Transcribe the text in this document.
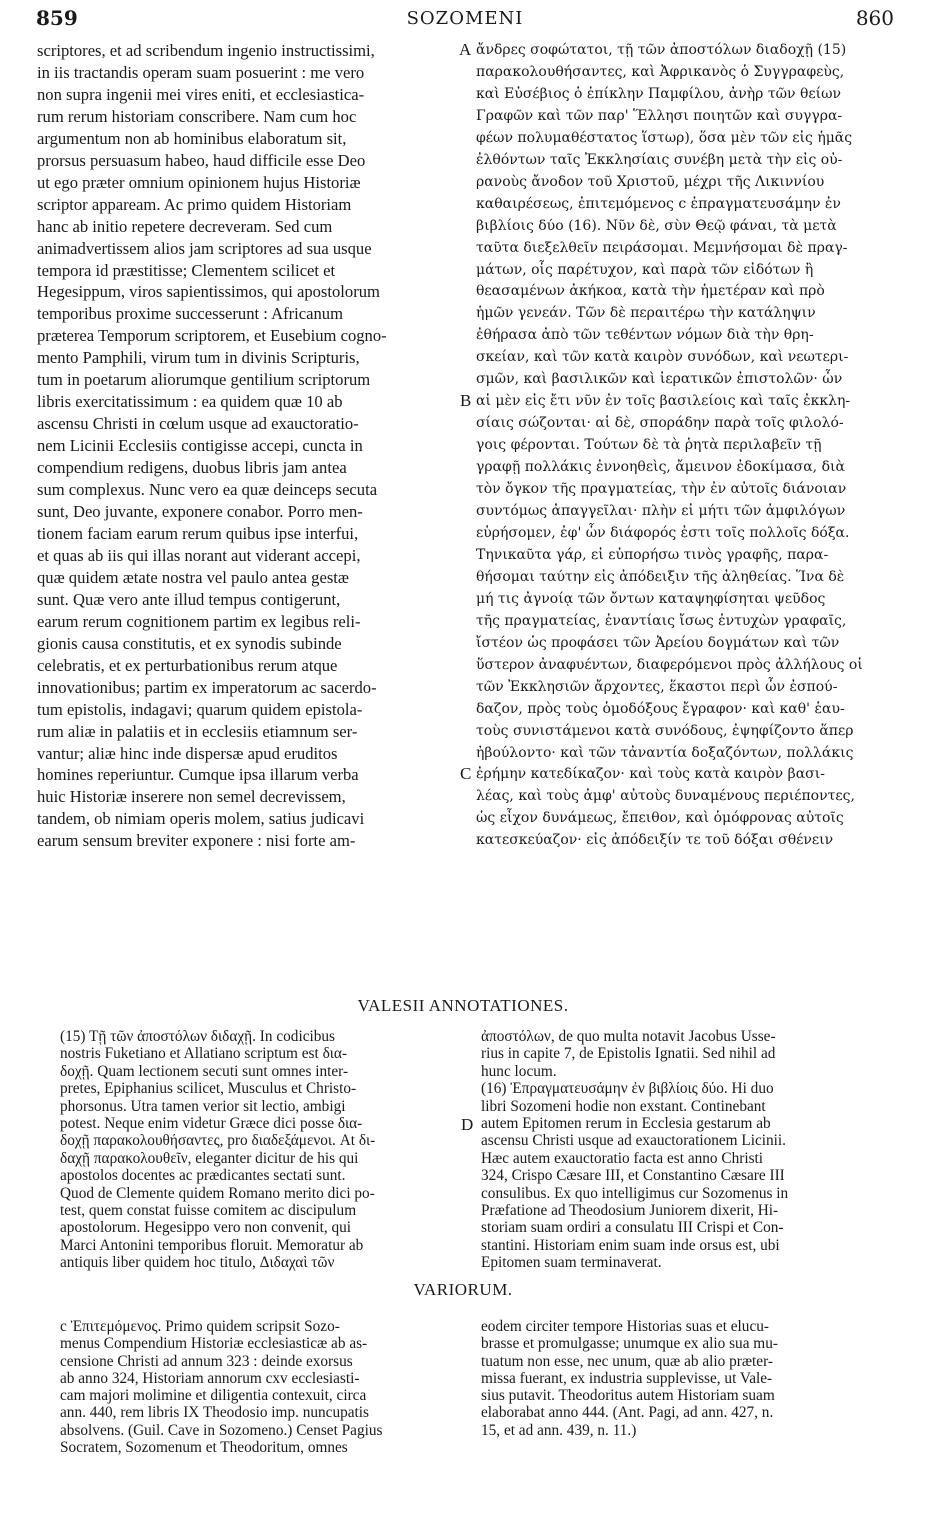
859	SOZOMENI	860
scriptores, et ad scribendum ingenio instructissimi,
in iis tractandis operam suam posuerint : me vero
non supra ingenii mei vires eniti, et ecclesiastica-
rum rerum historiam conscribere. Nam cum hoc
argumentum non ab hominibus elaboratum sit,
prorsus persuasum habeo, haud difficile esse Deo
ut ego præter omnium opinionem hujus Historiæ
scriptor appaream. Ac primo quidem Historiam
hanc ab initio repetere decreveram. Sed cum
animadvertissem alios jam scriptores ad sua usque
tempora id præstitisse; Clementem scilicet et
Hegesippum, viros sapientissimos, qui apostolorum
temporibus proxime successerunt : Africanum
præterea Temporum scriptorem, et Eusebium cogno-
mento Pamphili, virum tum in divinis Scripturis,
tum in poetarum aliorumque gentilium scriptorum
libris exercitatissimum : ea quidem quæ 10 ab
ascensu Christi in cœlum usque ad exauctoratio-
nem Licinii Ecclesiis contigisse accepi, cuncta in
compendium redigens, duobus libris jam antea
sum complexus. Nunc vero ea quæ deinceps secuta
sunt, Deo juvante, exponere conabor. Porro men-
tionem faciam earum rerum quibus ipse interfui,
et quas ab iis qui illas norant aut viderant accepi,
quæ quidem ætate nostra vel paulo antea gestæ
sunt. Quæ vero ante illud tempus contigerunt,
earum rerum cognitionem partim ex legibus reli-
gionis causa constitutis, et ex synodis subinde
celebratis, et ex perturbationibus rerum atque
innovationibus; partim ex imperatorum ac sacerdo-
tum epistolis, indagavi; quarum quidem epistola-
rum aliæ in palatiis et in ecclesiis etiamnum ser-
vantur; aliæ hinc inde dispersæ apud eruditos
homines reperiuntur. Cumque ipsa illarum verba
huic Historiæ inserere non semel decrevissem,
tandem, ob nimiam operis molem, satius judicavi
earum sensum breviter exponere : nisi forte am-
ἄνδρες σοφώτατοι, τῇ τῶν ἀποστόλων διαδοχῇ (15)
παρακολουθήσαντες, καὶ Ἀφρικανὸς ὁ Συγγραφεὺς,
καὶ Εὐσέβιος ὁ ἐπίκλην Παμφίλου, ἀνὴρ τῶν θείων
Γραφῶν καὶ τῶν παρ' Ἕλλησι ποιητῶν καὶ συγγρα-
φέων πολυμαθέστατος ἵστωρ), ὅσα μὲν τῶν εἰς ἡμᾶς
ἐλθόντων ταῖς Ἐκκλησίαις συνέβη μετὰ τὴν εἰς οὐ-
ρανοὺς ἄνοδον τοῦ Χριστοῦ, μέχρι τῆς Λικιννίου
καθαιρέσεως, ἐπιτεμόμενος c ἐπραγματευσάμην ἐν
βιβλίοις δύο (16). Νῦν δὲ, σὺν Θεῷ φάναι, τὰ μετὰ
ταῦτα διεξελθεῖν πειράσομαι. Μεμνήσομαι δὲ πραγ-
μάτων, οἷς παρέτυχον, καὶ παρὰ τῶν εἰδότων ἢ
θεασαμένων ἀκήκοα, κατὰ τὴν ἡμετέραν καὶ πρὸ
ἡμῶν γενεάν. Τῶν δὲ περαιτέρω τὴν κατάληψιν
ἐθήρασα ἀπὸ τῶν τεθέντων νόμων διὰ τὴν θρη-
σκείαν, καὶ τῶν κατὰ καιρὸν συνόδων, καὶ νεωτερι-
σμῶν, καὶ βασιλικῶν καὶ ἱερατικῶν ἐπιστολῶν· ὧν
αἱ μὲν εἰς ἔτι νῦν ἐν τοῖς βασιλείοις καὶ ταῖς ἐκκλη-
σίαις σώζονται· αἱ δὲ, σποράδην παρὰ τοῖς φιλολό-
γοις φέρονται. Τούτων δὲ τὰ ῥητὰ περιλαβεῖν τῇ
γραφῇ πολλάκις ἐννοηθεὶς, ἄμεινον ἐδοκίμασα, διὰ
τὸν ὄγκον τῆς πραγματείας, τὴν ἐν αὐτοῖς διάνοιαν
συντόμως ἀπαγγεῖλαι· πλὴν εἰ μήτι τῶν ἀμφιλόγων
εὑρήσομεν, ἐφ' ὧν διάφορός ἐστι τοῖς πολλοῖς δόξα.
Τηνικαῦτα γάρ, εἰ εὐπορήσω τινὸς γραφῆς, παρα-
θήσομαι ταύτην εἰς ἀπόδειξιν τῆς ἀληθείας. Ἵνα δὲ
μή τις ἀγνοίᾳ τῶν ὄντων καταψηφίσηται ψεῦδος
τῆς πραγματείας, ἐναντίαις ἴσως ἐντυχὼν γραφαῖς,
ἴστέον ὡς προφάσει τῶν Ἀρείου δογμάτων καὶ τῶν
ὕστερον ἀναφυέντων, διαφερόμενοι πρὸς ἀλλήλους οἱ
τῶν Ἐκκλησιῶν ἄρχοντες, ἕκαστοι περὶ ὧν ἐσπού-
δαζον, πρὸς τοὺς ὁμοδόξους ἔγραφον· καὶ καθ' ἑαυ-
τοὺς συνιστάμενοι κατὰ συνόδους, ἐψηφίζοντο ἅπερ
ἠβούλοντο· καὶ τῶν τἀναντία δοξαζόντων, πολλάκις
ἐρήμην κατεδίκαζον· καὶ τοὺς κατὰ καιρὸν βασι-
λέας, καὶ τοὺς ἀμφ' αὐτοὺς δυναμένους περιέποντες,
ὡς εἶχον δυνάμεως, ἔπειθον, καὶ ὁμόφρονας αὐτοῖς
κατεσκεύαζον· εἰς ἀπόδειξίν τε τοῦ δόξαι σθένειν
A
B
C
D
VALESII ANNOTATIONES.
(15) Τῇ τῶν ἀποστόλων διδαχῇ. In codicibus
nostris Fuketiano et Allatiano scriptum est δια-
δοχῇ. Quam lectionem secuti sunt omnes inter-
pretes, Epiphanius scilicet, Musculus et Christo-
phorsonus. Utra tamen verior sit lectio, ambigi
potest. Neque enim videtur Græce dici posse δια-
δοχῇ παρακολουθήσαντες, pro διαδεξάμενοι. At δι-
δαχῇ παρακολουθεῖν, eleganter dicitur de his qui
apostolos docentes ac prædicantes sectati sunt.
Quod de Clemente quidem Romano merito dici po-
test, quem constat fuisse comitem ac discipulum
apostolorum. Hegesippo vero non convenit, qui
Marci Antonini temporibus floruit. Memoratur ab
antiquis liber quidem hoc titulo, Διδαχαὶ τῶν
ἀποστόλων, de quo multa notavit Jacobus Usse-
rius in capite 7, de Epistolis Ignatii. Sed nihil ad
hunc locum.
(16) Ἐπραγματευσάμην ἐν βιβλίοις δύο. Hi duo
libri Sozomeni hodie non exstant. Continebant
autem Epitomen rerum in Ecclesia gestarum ab
ascensu Christi usque ad exauctorationem Licinii.
Hæc autem exauctoratio facta est anno Christi
324, Crispo Cæsare III, et Constantino Cæsare III
consulibus. Ex quo intelligimus cur Sozomenus in
Præfatione ad Theodosium Juniorem dixerit, Hi-
storiam suam ordiri a consulatu III Crispi et Con-
stantini. Historiam enim suam inde orsus est, ubi
Epitomen suam terminaverat.
VARIORUM.
c Ἐπιτεμόμενος. Primo quidem scripsit Sozo-
menus Compendium Historiæ ecclesiasticæ ab as-
censione Christi ad annum 323 : deinde exorsus
ab anno 324, Historiam annorum cxv ecclesiasti-
cam majori molimine et diligentia contexuit, circa
ann. 440, rem libris IX Theodosio imp. nuncupatis
absolvens. (Guil. Cave in Sozomeno.) Censet Pagius
Socratem, Sozomenum et Theodoritum, omnes
eodem circiter tempore Historias suas et elucu-
brasse et promulgasse; unumque ex alio sua mu-
tuatum non esse, nec unum, quæ ab alio præter-
missa fuerant, ex industria supplevisse, ut Vale-
sius putavit. Theodoritus autem Historiam suam
elaborabat anno 444. (Ant. Pagi, ad ann. 427, n.
15, et ad ann. 439, n. 11.)
